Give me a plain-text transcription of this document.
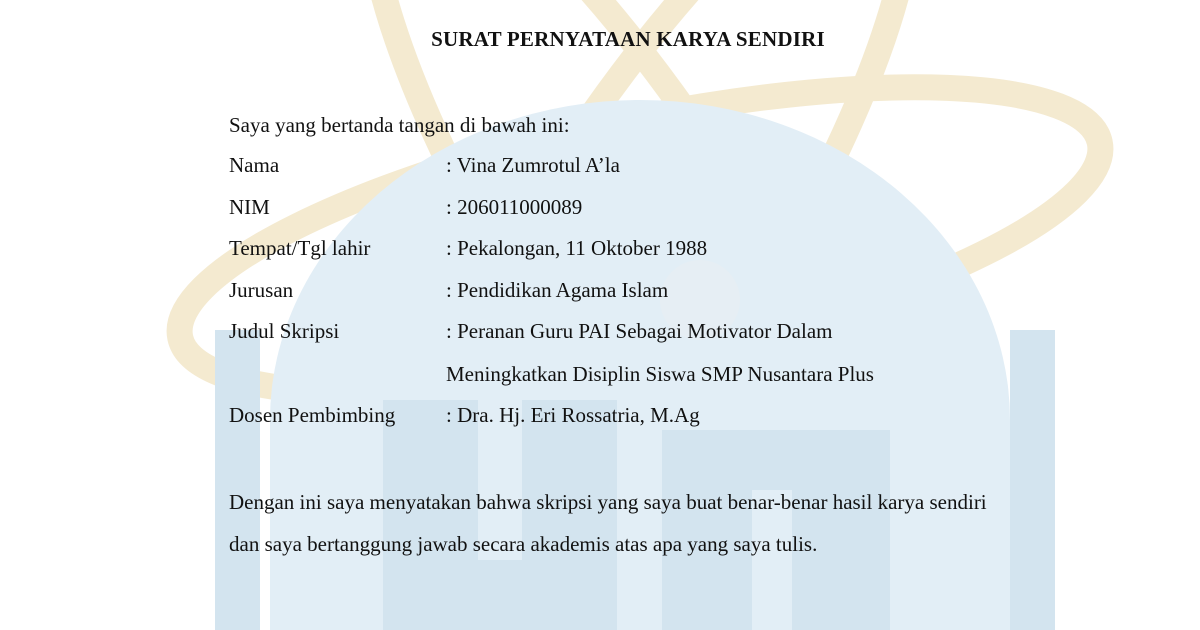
SURAT PERNYATAAN KARYA SENDIRI
Saya yang bertanda tangan di bawah ini:
Nama	: Vina Zumrotul A’la
NIM	: 206011000089
Tempat/Tgl lahir	: Pekalongan, 11 Oktober 1988
Jurusan	: Pendidikan Agama Islam
Judul Skripsi	: Peranan Guru PAI Sebagai Motivator Dalam
Meningkatkan Disiplin Siswa SMP Nusantara Plus
Dosen Pembimbing : Dra. Hj. Eri Rossatria, M.Ag
Dengan ini saya menyatakan bahwa skripsi yang saya buat benar-benar hasil karya sendiri dan saya bertanggung jawab secara akademis atas apa yang saya tulis.
